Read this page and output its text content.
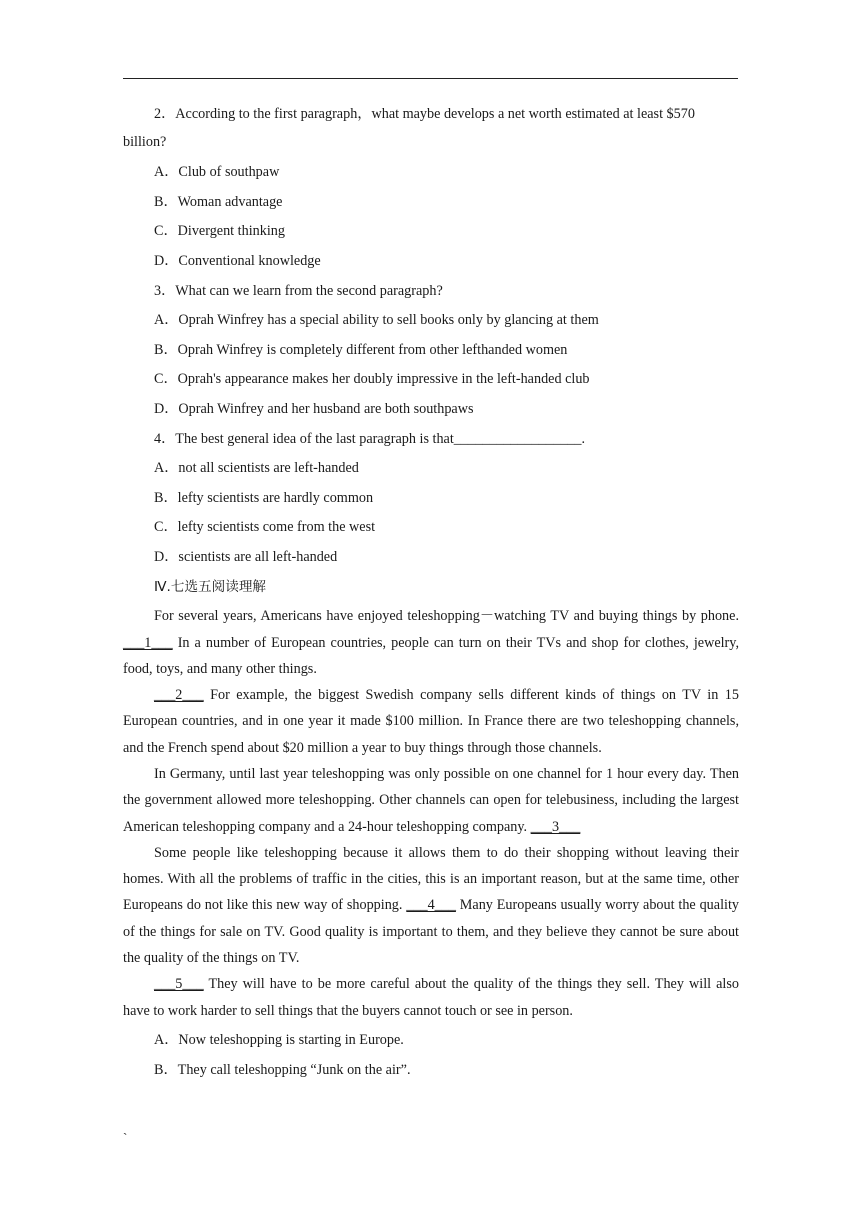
2．According to the first paragraph，what maybe develops a net worth estimated at least $570 billion?
A．Club of southpaw
B．Woman advantage
C．Divergent thinking
D．Conventional knowledge
3．What can we learn from the second paragraph?
A．Oprah Winfrey has a special ability to sell books only by glancing at them
B．Oprah Winfrey is completely different from other lefthanded women
C．Oprah's appearance makes her doubly impressive in the left-handed club
D．Oprah Winfrey and her husband are both southpaws
4．The best general idea of the last paragraph is that__________________.
A．not all scientists are left-handed
B．lefty scientists are hardly common
C．lefty scientists come from the west
D．scientists are all left-handed
Ⅳ.七选五阅读理解

For several years, Americans have enjoyed teleshopping－watching TV and buying things by phone. ___1___ In a number of European countries, people can turn on their TVs and shop for clothes, jewelry, food, toys, and many other things.

___2___ For example, the biggest Swedish company sells different kinds of things on TV in 15 European countries, and in one year it made $100 million. In France there are two teleshopping channels, and the French spend about $20 million a year to buy things through those channels.

In Germany, until last year teleshopping was only possible on one channel for 1 hour every day. Then the government allowed more teleshopping. Other channels can open for telebusiness, including the largest American teleshopping company and a 24-hour teleshopping company. ___3___

Some people like teleshopping because it allows them to do their shopping without leaving their homes. With all the problems of traffic in the cities, this is an important reason, but at the same time, other Europeans do not like this new way of shopping. ___4___ Many Europeans usually worry about the quality of the things for sale on TV. Good quality is important to them, and they believe they cannot be sure about the quality of the things on TV.

___5___ They will have to be more careful about the quality of the things they sell. They will also have to work harder to sell things that the buyers cannot touch or see in person.

A．Now teleshopping is starting in Europe.
B．They call teleshopping “Junk on the air”.
`
